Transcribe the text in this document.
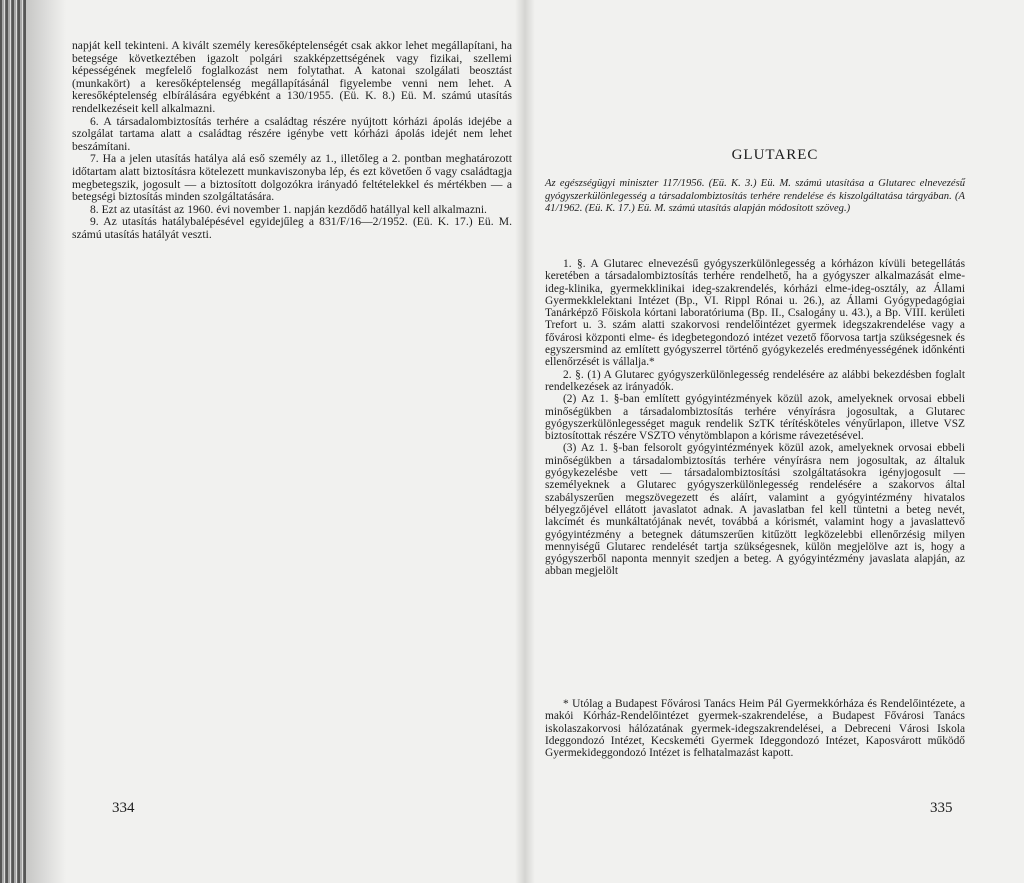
napját kell tekinteni. A kivált személy keresőképtelenségét csak akkor lehet megállapítani, ha betegsége következtében igazolt polgári szakképzettségének vagy fizikai, szellemi képességének megfelelő foglalkozást nem folytathat. A katonai szolgálati beosztást (munkakört) a keresőképtelenség megállapításánál figyelembe venni nem lehet. A keresőképtelenség elbírálására egyébként a 130/1955. (Eü. K. 8.) Eü. M. számú utasítás rendelkezéseit kell alkalmazni.

6. A társadalombiztosítás terhére a családtag részére nyújtott kórházi ápolás idejébe a szolgálat tartama alatt a családtag részére igénybe vett kórházi ápolás idejét nem lehet beszámítani.

7. Ha a jelen utasítás hatálya alá eső személy az 1., illetőleg a 2. pontban meghatározott időtartam alatt biztosításra kötelezett munkaviszonyba lép, és ezt követően ő vagy családtagja megbetegszik, jogosult — a biztosított dolgozókra irányadó feltételekkel és mértékben — a betegségi biztosítás minden szolgáltatására.

8. Ezt az utasítást az 1960. évi november 1. napján kezdődő hatállyal kell alkalmazni.

9. Az utasítás hatálybalépésével egyidejűleg a 831/F/16—2/1952. (Eü. K. 17.) Eü. M. számú utasítás hatályát veszti.

334
GLUTAREC
Az egészségügyi miniszter 117/1956. (Eü. K. 3.) Eü. M. számú utasítása a Glutarec elnevezésű gyógyszerkülönlegesség a társadalombiztosítás terhére rendelése és kiszolgáltatása tárgyában. (A 41/1962. (Eü. K. 17.) Eü. M. számú utasítás alapján módosított szöveg.)

1. §. A Glutarec elnevezésű gyógyszerkülönlegesség a kórházon kívüli betegellátás keretében a társadalombiztosítás terhére rendelhető, ha a gyógyszer alkalmazását elme-ideg-klinika, gyermekklinikai ideg-szakrendelés, kórházi elme-ideg-osztály, az Állami Gyermekklelektani Intézet (Bp., VI. Rippl Rónai u. 26.), az Állami Gyógypedagógiai Tanárképző Főiskola kórtani laboratóriuma (Bp. II., Csalogány u. 43.), a Bp. VIII. kerületi Trefort u. 3. szám alatti szakorvosi rendelőintézet gyermek idegszakrendelése vagy a fővárosi központi elme- és idegbetegondozó intézet vezető főorvosa tartja szükségesnek és egyszersmind az említett gyógyszerrel történő gyógykezelés eredményességének időnkénti ellenőrzését is vállalja.*

2. §. (1) A Glutarec gyógyszerkülönlegesség rendelésére az alábbi bekezdésben foglalt rendelkezések az irányadók.

(2) Az 1. §-ban említett gyógyintézmények közül azok, amelyeknek orvosai ebbeli minőségükben a társadalombiztosítás terhére vényírásra jogosultak, a Glutarec gyógyszerkülönlegességet maguk rendelik SzTK térítésköteles vényűrlapon, illetve VSZ biztosítottak részére VSZTO vénytömblapon a kórisme rávezetésével.

(3) Az 1. §-ban felsorolt gyógyintézmények közül azok, amelyeknek orvosai ebbeli minőségükben a társadalombiztosítás terhére vényírásra nem jogosultak, az általuk gyógykezelésbe vett — társadalombiztosítási szolgáltatásokra igényjogosult — személyeknek a Glutarec gyógyszerkülönlegesség rendelésére a szakorvos által szabályszerűen megszövegezett és aláírt, valamint a gyógyintézmény hivatalos bélyegzőjével ellátott javaslatot adnak. A javaslatban fel kell tüntetni a beteg nevét, lakcímét és munkáltatójának nevét, továbbá a kórismét, valamint hogy a javaslattevő gyógyintézmény a betegnek dátumszerűen kitűzött legközelebbi ellenőrzésig milyen mennyiségű Glutarec rendelését tartja szükségesnek, külön megjelölve azt is, hogy a gyógyszerből naponta mennyit szedjen a beteg. A gyógyintézmény javaslata alapján, az abban megjelölt

* Utólag a Budapest Fővárosi Tanács Heim Pál Gyermekkórháza és Rendelőintézete, a makói Kórház-Rendelőintézet gyermek-szakrendelése, a Budapest Fővárosi Tanács iskolaszakorvosi hálózatának gyermek-idegszakrendelései, a Debreceni Városi Iskola Ideggondozó Intézet, Kecskeméti Gyermek Ideggondozó Intézet, Kaposvárott működő Gyermekideggondozó Intézet is felhatalmazást kapott.
335
